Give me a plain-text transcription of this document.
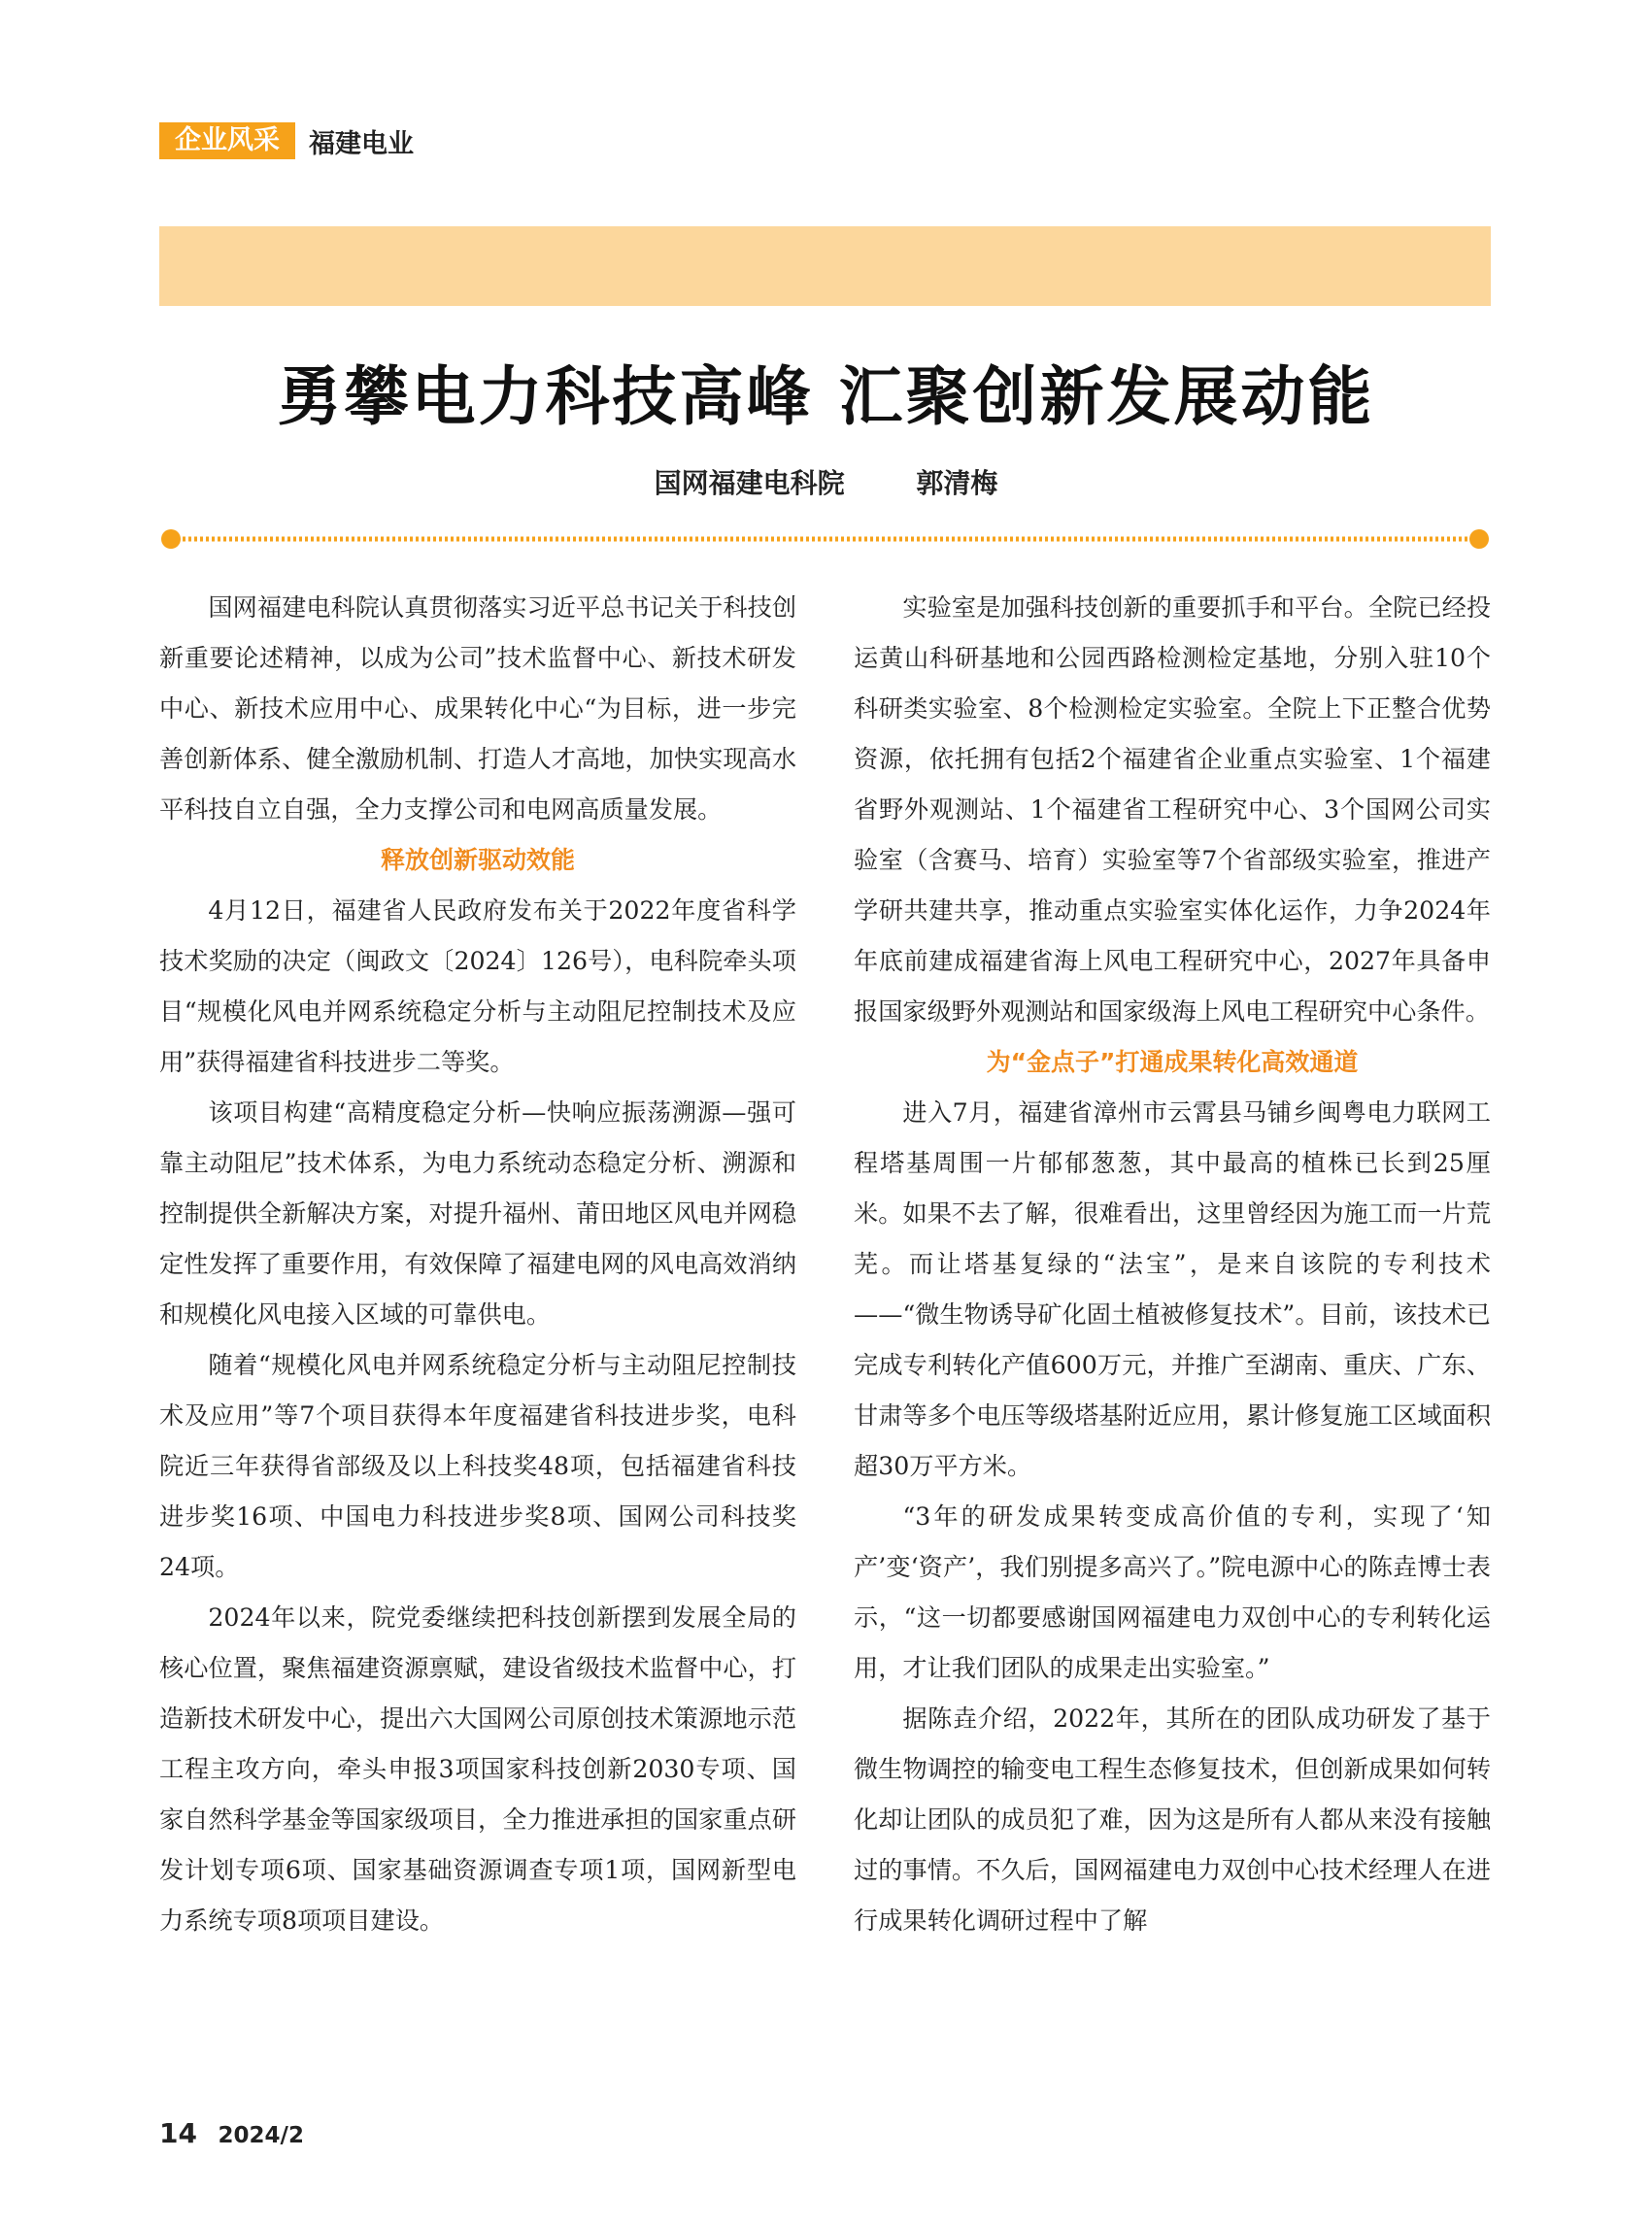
企业风采	福建电业
勇攀电力科技高峰 汇聚创新发展动能
国网福建电科院	郭清梅

国网福建电科院认真贯彻落实习近平总书记关于科技创新重要论述精神，以成为公司”技术监督中心、新技术研发中心、新技术应用中心、成果转化中心“为目标，进一步完善创新体系、健全激励机制、打造人才高地，加快实现高水平科技自立自强，全力支撑公司和电网高质量发展。

释放创新驱动效能

4月12日，福建省人民政府发布关于2022年度省科学技术奖励的决定（闽政文〔2024〕126号），电科院牵头项目“规模化风电并网系统稳定分析与主动阻尼控制技术及应用”获得福建省科技进步二等奖。

该项目构建“高精度稳定分析—快响应振荡溯源—强可靠主动阻尼”技术体系，为电力系统动态稳定分析、溯源和控制提供全新解决方案，对提升福州、莆田地区风电并网稳定性发挥了重要作用，有效保障了福建电网的风电高效消纳和规模化风电接入区域的可靠供电。

随着“规模化风电并网系统稳定分析与主动阻尼控制技术及应用”等7个项目获得本年度福建省科技进步奖，电科院近三年获得省部级及以上科技奖48项，包括福建省科技进步奖16项、中国电力科技进步奖8项、国网公司科技奖24项。

2024年以来，院党委继续把科技创新摆到发展全局的核心位置，聚焦福建资源禀赋，建设省级技术监督中心，打造新技术研发中心，提出六大国网公司原创技术策源地示范工程主攻方向，牵头申报3项国家科技创新2030专项、国家自然科学基金等国家级项目，全力推进承担的国家重点研发计划专项6项、国家基础资源调查专项1项，国网新型电力系统专项8项项目建设。

实验室是加强科技创新的重要抓手和平台。全院已经投运黄山科研基地和公园西路检测检定基地，分别入驻10个科研类实验室、8个检测检定实验室。全院上下正整合优势资源，依托拥有包括2个福建省企业重点实验室、1个福建省野外观测站、1个福建省工程研究中心、3个国网公司实验室（含赛马、培育）实验室等7个省部级实验室，推进产学研共建共享，推动重点实验室实体化运作，力争2024年年底前建成福建省海上风电工程研究中心，2027年具备申报国家级野外观测站和国家级海上风电工程研究中心条件。

为“金点子”打通成果转化高效通道

进入7月，福建省漳州市云霄县马铺乡闽粤电力联网工程塔基周围一片郁郁葱葱，其中最高的植株已长到25厘米。如果不去了解，很难看出，这里曾经因为施工而一片荒芜。而让塔基复绿的“法宝”，是来自该院的专利技术——“微生物诱导矿化固土植被修复技术”。目前，该技术已完成专利转化产值600万元，并推广至湖南、重庆、广东、甘肃等多个电压等级塔基附近应用，累计修复施工区域面积超30万平方米。

“3年的研发成果转变成高价值的专利，实现了‘知产’变‘资产’，我们别提多高兴了。”院电源中心的陈垚博士表示，“这一切都要感谢国网福建电力双创中心的专利转化运用，才让我们团队的成果走出实验室。”

据陈垚介绍，2022年，其所在的团队成功研发了基于微生物调控的输变电工程生态修复技术，但创新成果如何转化却让团队的成员犯了难，因为这是所有人都从来没有接触过的事情。不久后，国网福建电力双创中心技术经理人在进行成果转化调研过程中了解

14 2024/2
